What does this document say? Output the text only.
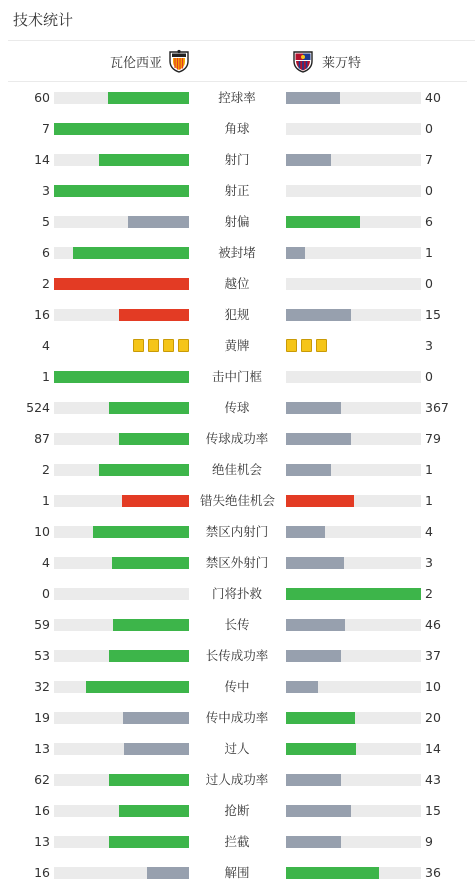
技术统计
瓦伦西亚	莱万特
60	控球率	40
7	角球	0
14	射门	7
3	射正	0
5	射偏	6
6	被封堵	1
2	越位	0
16	犯规	15
4	黄牌	3
1	击中门框	0
524	传球	367
87	传球成功率	79
2	绝佳机会	1
1	错失绝佳机会	1
10	禁区内射门	4
4	禁区外射门	3
0	门将扑救	2
59	长传	46
53	长传成功率	37
32	传中	10
19	传中成功率	20
13	过人	14
62	过人成功率	43
16	抢断	15
13	拦截	9
16	解围	36
